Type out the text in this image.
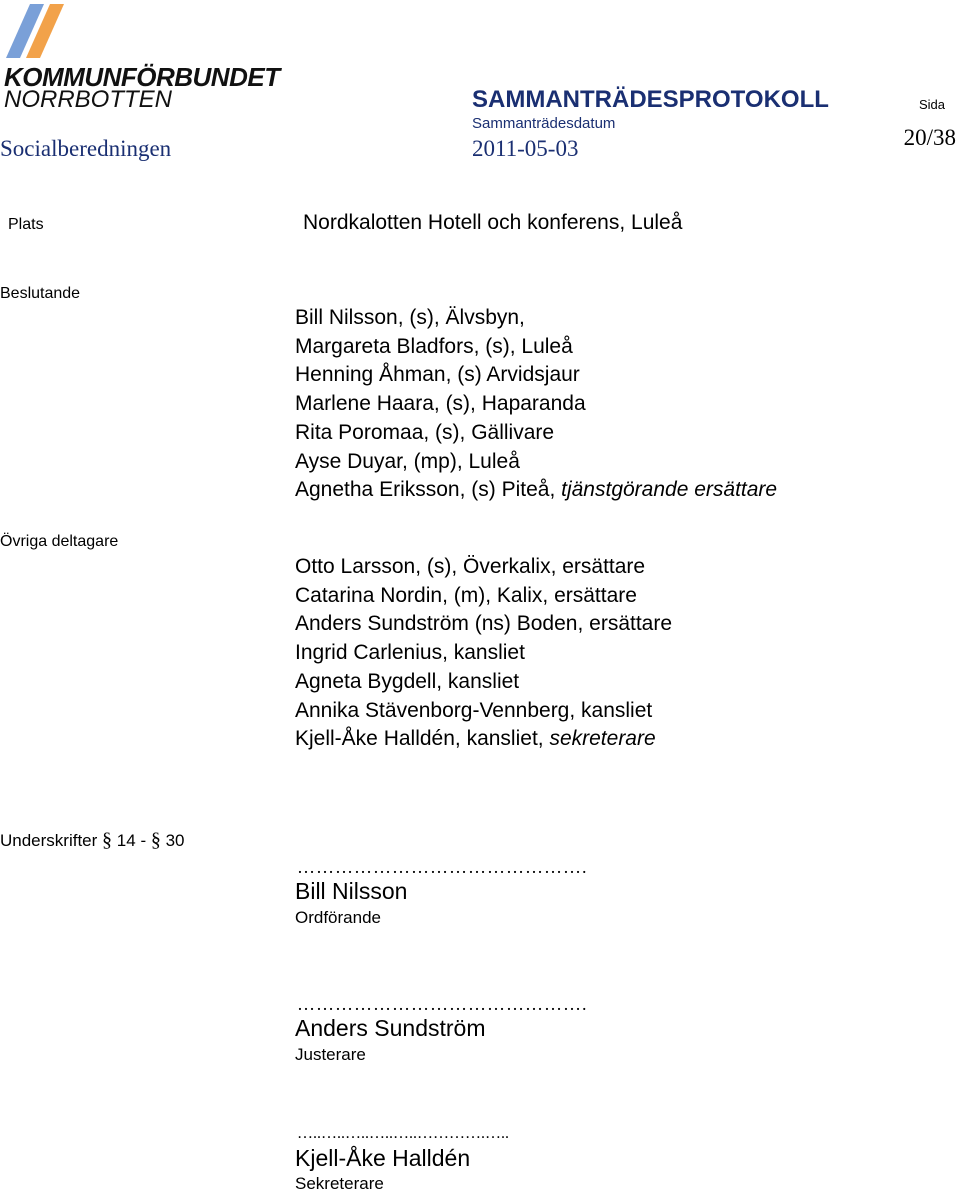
KOMMUNFÖRBUNDET
NORRBOTTEN	SAMMANTRÄDESPROTOKOLL	Sida
Sammanträdesdatum
Socialberedningen	2011-05-03	20/38
Plats	Nordkalotten Hotell och konferens, Luleå
Beslutande
Bill Nilsson, (s), Älvsbyn,
Margareta Bladfors, (s), Luleå
Henning Åhman, (s) Arvidsjaur
Marlene Haara, (s), Haparanda
Rita Poromaa, (s), Gällivare
Ayse Duyar, (mp), Luleå
Agnetha Eriksson, (s) Piteå, tjänstgörande ersättare
Övriga deltagare
Otto Larsson, (s), Överkalix, ersättare
Catarina Nordin, (m), Kalix, ersättare
Anders Sundström (ns) Boden, ersättare
Ingrid Carlenius, kansliet
Agneta Bygdell, kansliet
Annika Stävenborg-Vennberg, kansliet
Kjell-Åke Halldén, kansliet, sekreterare
Underskrifter § 14 - § 30
……………………………………….
Bill Nilsson
Ordförande
……………………………………….
Anders Sundström
Justerare
…..…..…..…..…..………….…..
Kjell-Åke Halldén
Sekreterare
